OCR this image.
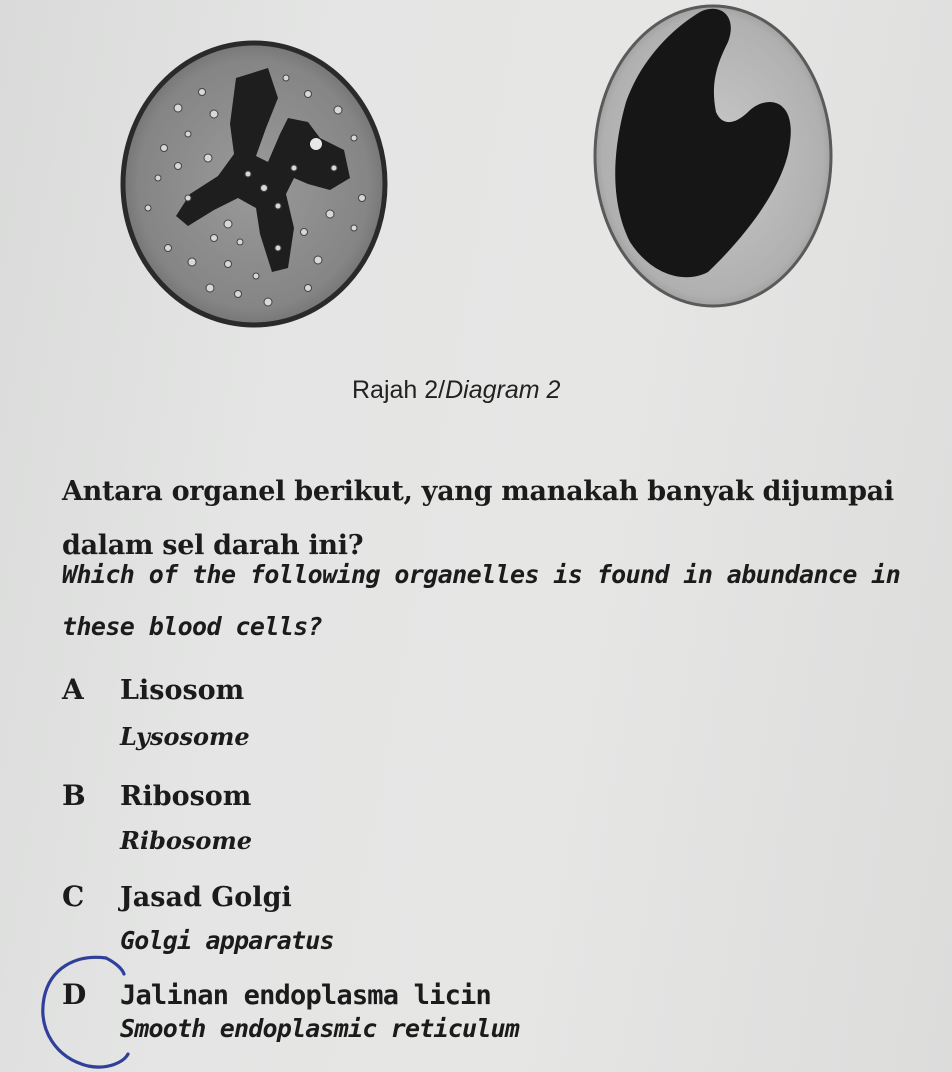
Rajah 2/Diagram 2
Antara organel berikut, yang manakah banyak dijumpai
dalam sel darah ini?
Which of the following organelles is found in abundance in
these blood cells?
A Lisosom
Lysosome
B Ribosom
Ribosome
C Jasad Golgi
Golgi apparatus
D Jalinan endoplasma licin
Smooth endoplasmic reticulum
